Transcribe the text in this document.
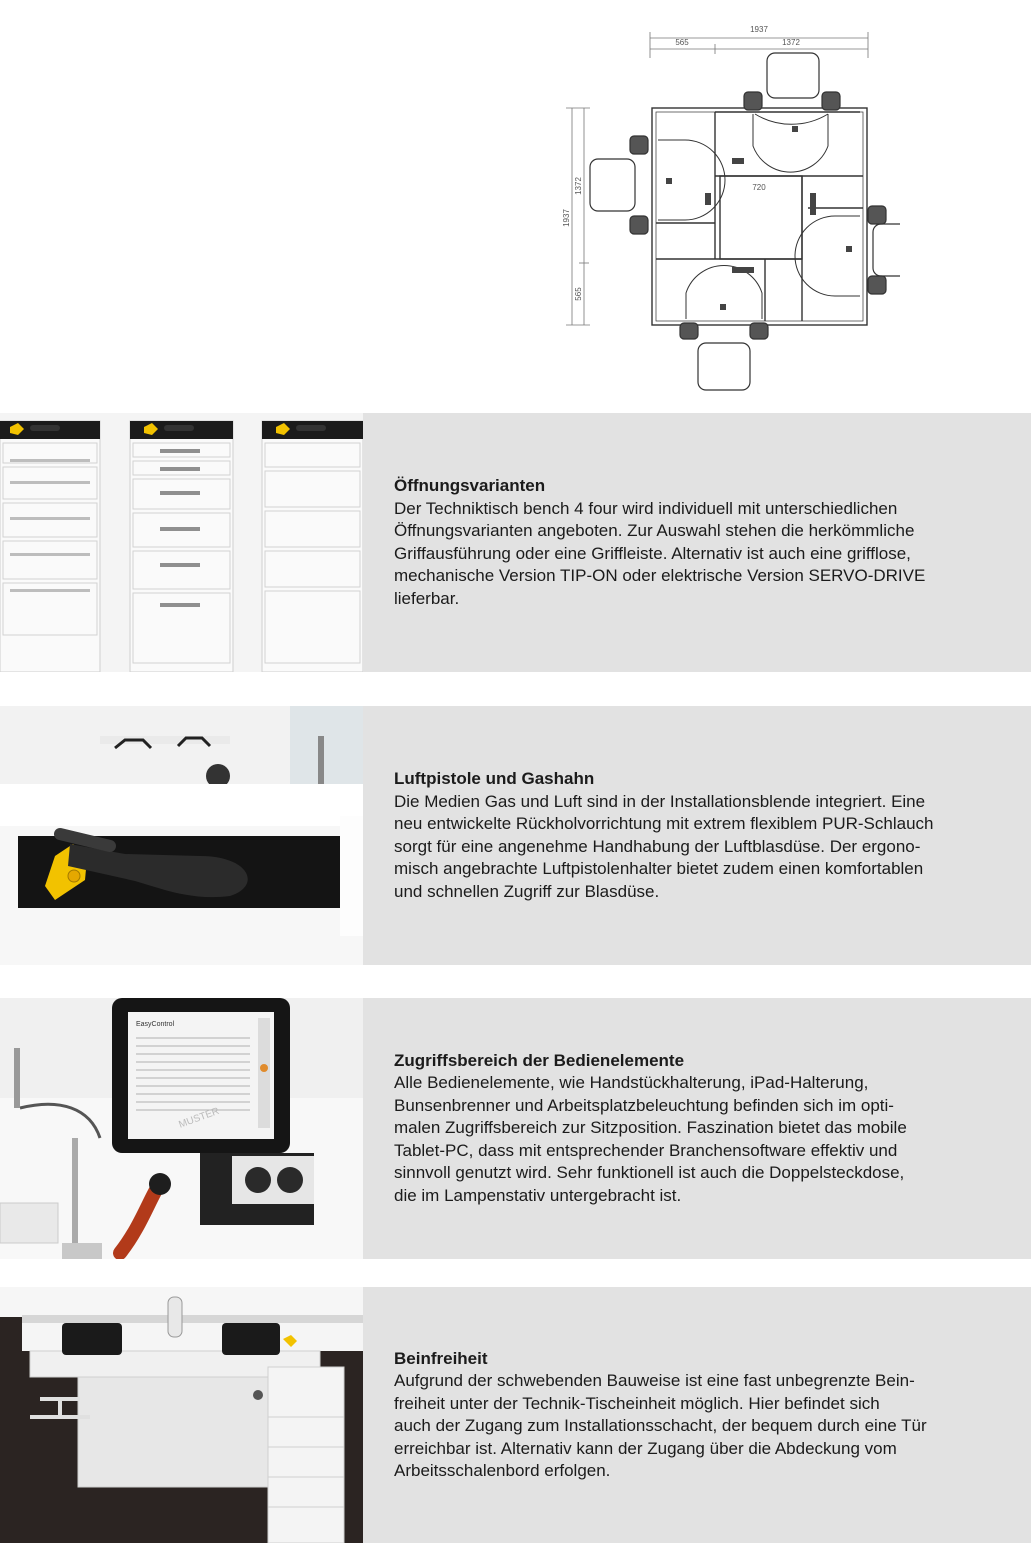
1937
565	1372
1937
1372
565
720
Öffnungsvarianten

Der Techniktisch bench 4 four wird individuell mit unterschiedlichen

Öffnungsvarianten angeboten. Zur Auswahl stehen die herkömmliche

Griffausführung oder eine Griffleiste. Alternativ ist auch eine grifflose,

mechanische Version TIP-ON oder elektrische Version SERVO-DRIVE

lieferbar.

Luftpistole und Gashahn

Die Medien Gas und Luft sind in der Installationsblende integriert. Eine

neu entwickelte Rückholvorrichtung mit extrem flexiblem PUR-Schlauch

sorgt für eine angenehme Handhabung der Luftblasdüse. Der ergono-

misch angebrachte Luftpistolenhalter bietet zudem einen komfortablen

und schnellen Zugriff zur Blasdüse.

EasyControl
MUSTER
Zugriffsbereich der Bedienelemente

Alle Bedienelemente, wie Handstückhalterung, iPad-Halterung,

Bunsenbrenner und Arbeitsplatzbeleuchtung befinden sich im opti-

malen Zugriffsbereich zur Sitzposition. Faszination bietet das mobile

Tablet-PC, dass mit entsprechender Branchensoftware effektiv und

sinnvoll genutzt wird. Sehr funktionell ist auch die Doppelsteckdose,

die im Lampenstativ untergebracht ist.

Beinfreiheit

Aufgrund der schwebenden Bauweise ist eine fast unbegrenzte Bein-

freiheit unter der Technik-Tischeinheit möglich. Hier befindet sich

auch der Zugang zum Installationsschacht, der bequem durch eine Tür

erreichbar ist. Alternativ kann der Zugang über die Abdeckung vom

Arbeitsschalenbord erfolgen.
